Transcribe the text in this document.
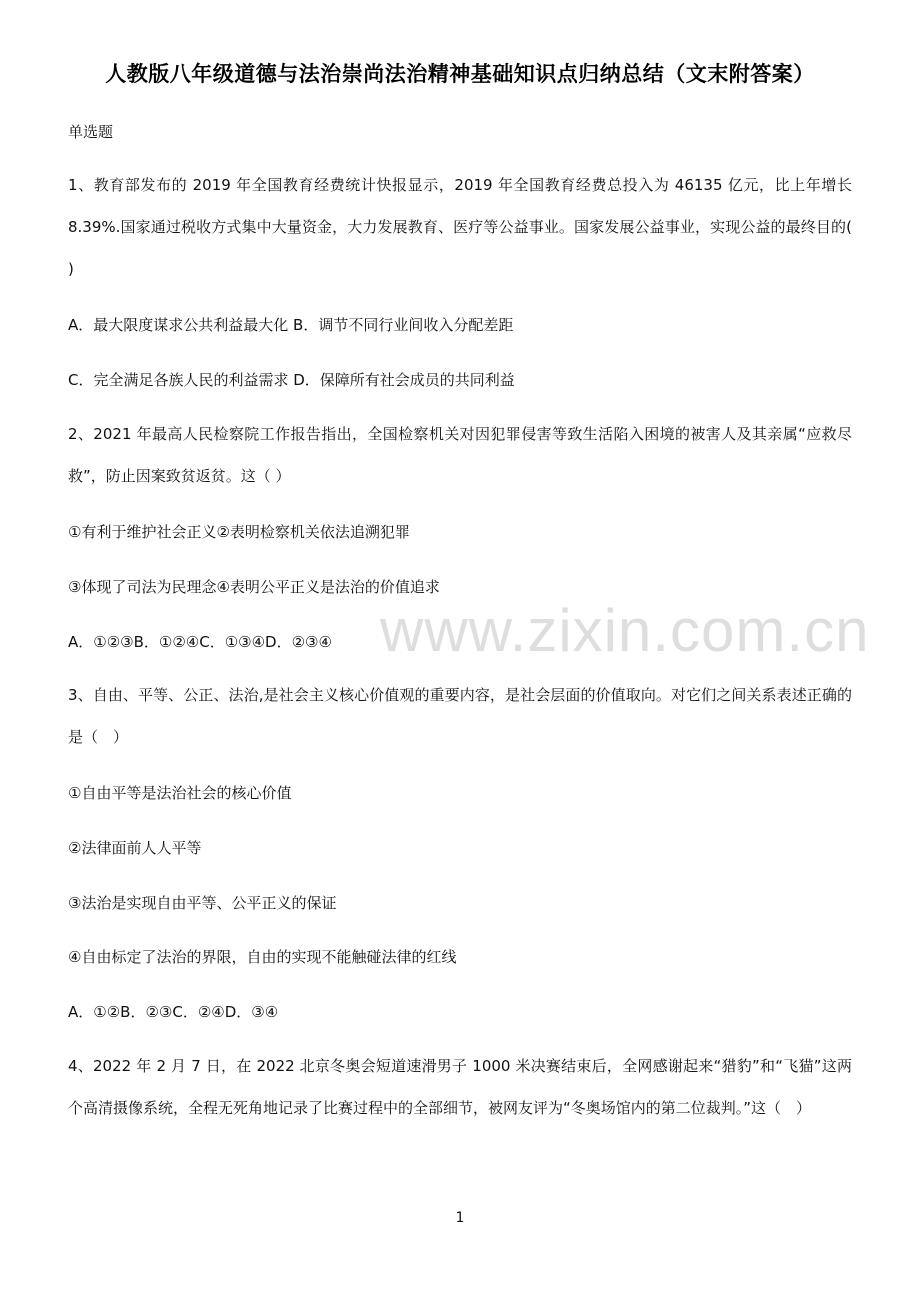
人教版八年级道德与法治崇尚法治精神基础知识点归纳总结（文末附答案）
单选题
1、教育部发布的 2019 年全国教育经费统计快报显示，2019 年全国教育经费总投入为 46135 亿元，比上年增长 8.39%.国家通过税收方式集中大量资金，大力发展教育、医疗等公益事业。国家发展公益事业，实现公益的最终目的( )
A．最大限度谋求公共利益最大化 B．调节不同行业间收入分配差距
C．完全满足各族人民的利益需求 D．保障所有社会成员的共同利益
2、2021 年最高人民检察院工作报告指出，全国检察机关对因犯罪侵害等致生活陷入困境的被害人及其亲属“应救尽救”，防止因案致贫返贫。这（ ）
①有利于维护社会正义②表明检察机关依法追溯犯罪
③体现了司法为民理念④表明公平正义是法治的价值追求
A．①②③B．①②④C．①③④D．②③④
3、自由、平等、公正、法治,是社会主义核心价值观的重要内容，是社会层面的价值取向。对它们之间关系表述正确的是（　）
①自由平等是法治社会的核心价值
②法律面前人人平等
③法治是实现自由平等、公平正义的保证
④自由标定了法治的界限，自由的实现不能触碰法律的红线
A．①②B．②③C．②④D．③④
4、2022 年 2 月 7 日，在 2022 北京冬奥会短道速滑男子 1000 米决赛结束后，全网感谢起来“猎豹”和“飞猫”这两个高清摄像系统，全程无死角地记录了比赛过程中的全部细节，被网友评为“冬奥场馆内的第二位裁判。”这（　）
www.zixin.com.cn
1
